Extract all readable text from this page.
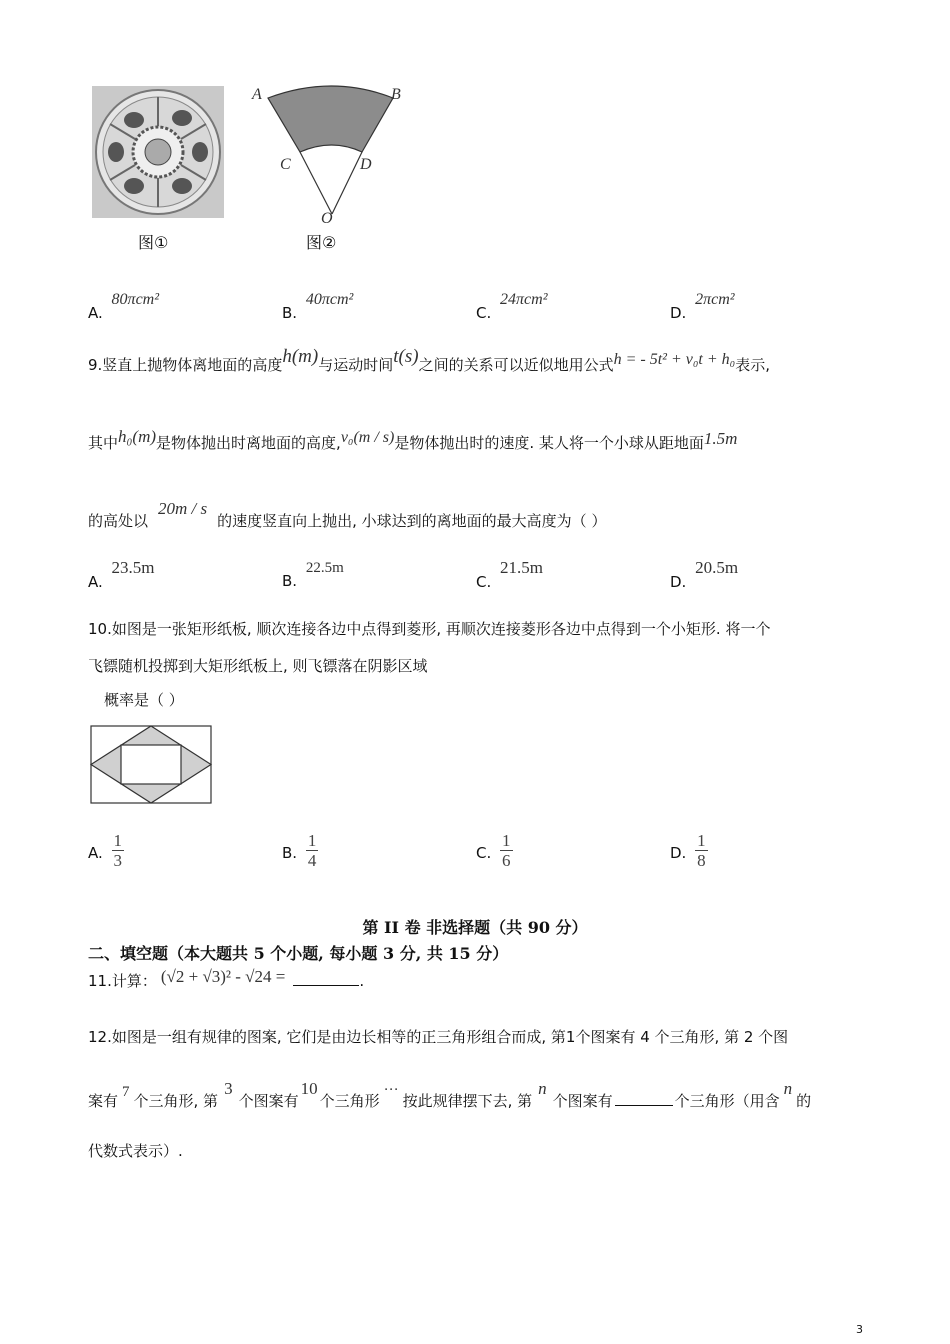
图①
A	B
C	D
O
图②
A. 80πcm²
B. 40πcm²
C. 24πcm²
D. 2πcm²
9.竖直上抛物体离地面的高度h(m)与运动时间t(s)之间的关系可以近似地用公式h = - 5t² + v₀t + h₀表示,
其中h₀(m)是物体抛出时离地面的高度,v₀(m / s)是物体抛出时的速度. 某人将一个小球从距地面1.5m
的高处以20m / s的速度竖直向上抛出, 小球达到的离地面的最大高度为（ ）
A. 23.5m
B. 22.5m
C. 21.5m
D. 20.5m
10.如图是一张矩形纸板, 顺次连接各边中点得到菱形, 再顺次连接菱形各边中点得到一个小矩形. 将一个
飞镖随机投掷到大矩形纸板上, 则飞镖落在阴影区域
概率是（ ）
A. $\frac{1}{3}$	B. $\frac{1}{4}$	C. $\frac{1}{6}$	D. $\frac{1}{8}$
第 II 卷 非选择题（共 90 分）
二、填空题（本大题共 5 个小题, 每小题 3 分, 共 15 分）
11.计算： (√2 + √3)² - √24 =	.
12.如图是一组有规律的图案, 它们是由边长相等的正三角形组合而成, 第1个图案有 4 个三角形, 第 2 个图
案有 7 个三角形, 第3个图案有10个三角形···按此规律摆下去, 第n个图案有	个三角形（用含n的
代数式表示）.
3
